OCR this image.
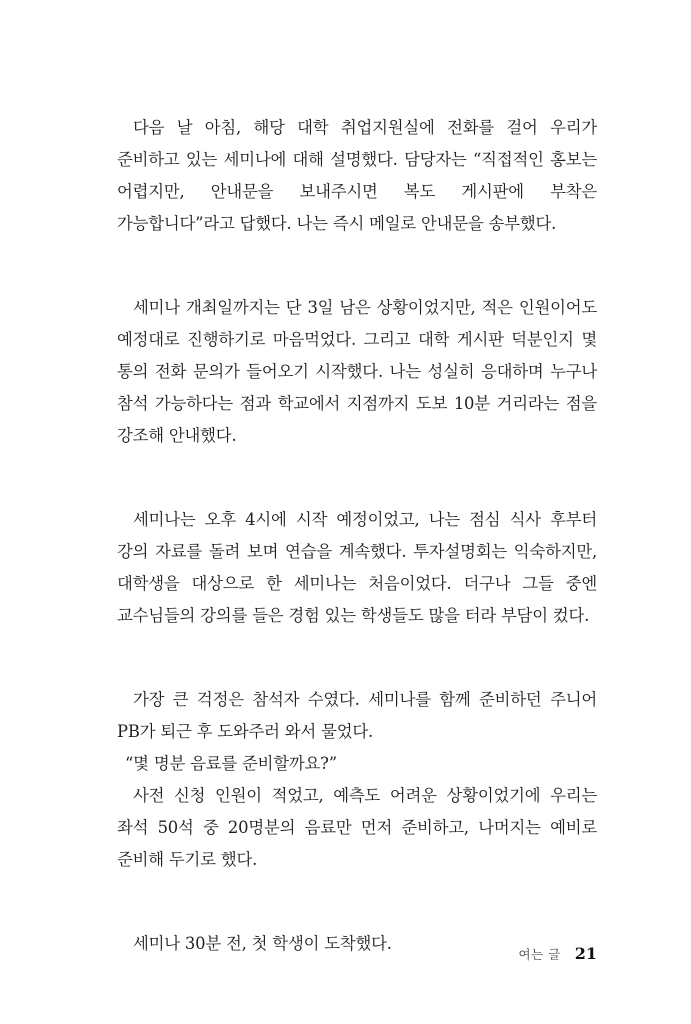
다음 날 아침, 해당 대학 취업지원실에 전화를 걸어 우리가 준비하고 있는 세미나에 대해 설명했다. 담당자는 “직접적인 홍보는 어렵지만, 안내문을 보내주시면 복도 게시판에 부착은 가능합니다”라고 답했다. 나는 즉시 메일로 안내문을 송부했다.

세미나 개최일까지는 단 3일 남은 상황이었지만, 적은 인원이어도 예정대로 진행하기로 마음먹었다. 그리고 대학 게시판 덕분인지 몇 통의 전화 문의가 들어오기 시작했다. 나는 성실히 응대하며 누구나 참석 가능하다는 점과 학교에서 지점까지 도보 10분 거리라는 점을 강조해 안내했다.

세미나는 오후 4시에 시작 예정이었고, 나는 점심 식사 후부터 강의 자료를 돌려 보며 연습을 계속했다. 투자설명회는 익숙하지만, 대학생을 대상으로 한 세미나는 처음이었다. 더구나 그들 중엔 교수님들의 강의를 들은 경험 있는 학생들도 많을 터라 부담이 컸다.

가장 큰 걱정은 참석자 수였다. 세미나를 함께 준비하던 주니어 PB가 퇴근 후 도와주러 와서 물었다.

“몇 명분 음료를 준비할까요?”

사전 신청 인원이 적었고, 예측도 어려운 상황이었기에 우리는 좌석 50석 중 20명분의 음료만 먼저 준비하고, 나머지는 예비로 준비해 두기로 했다.

세미나 30분 전, 첫 학생이 도착했다.

여는 글 21
